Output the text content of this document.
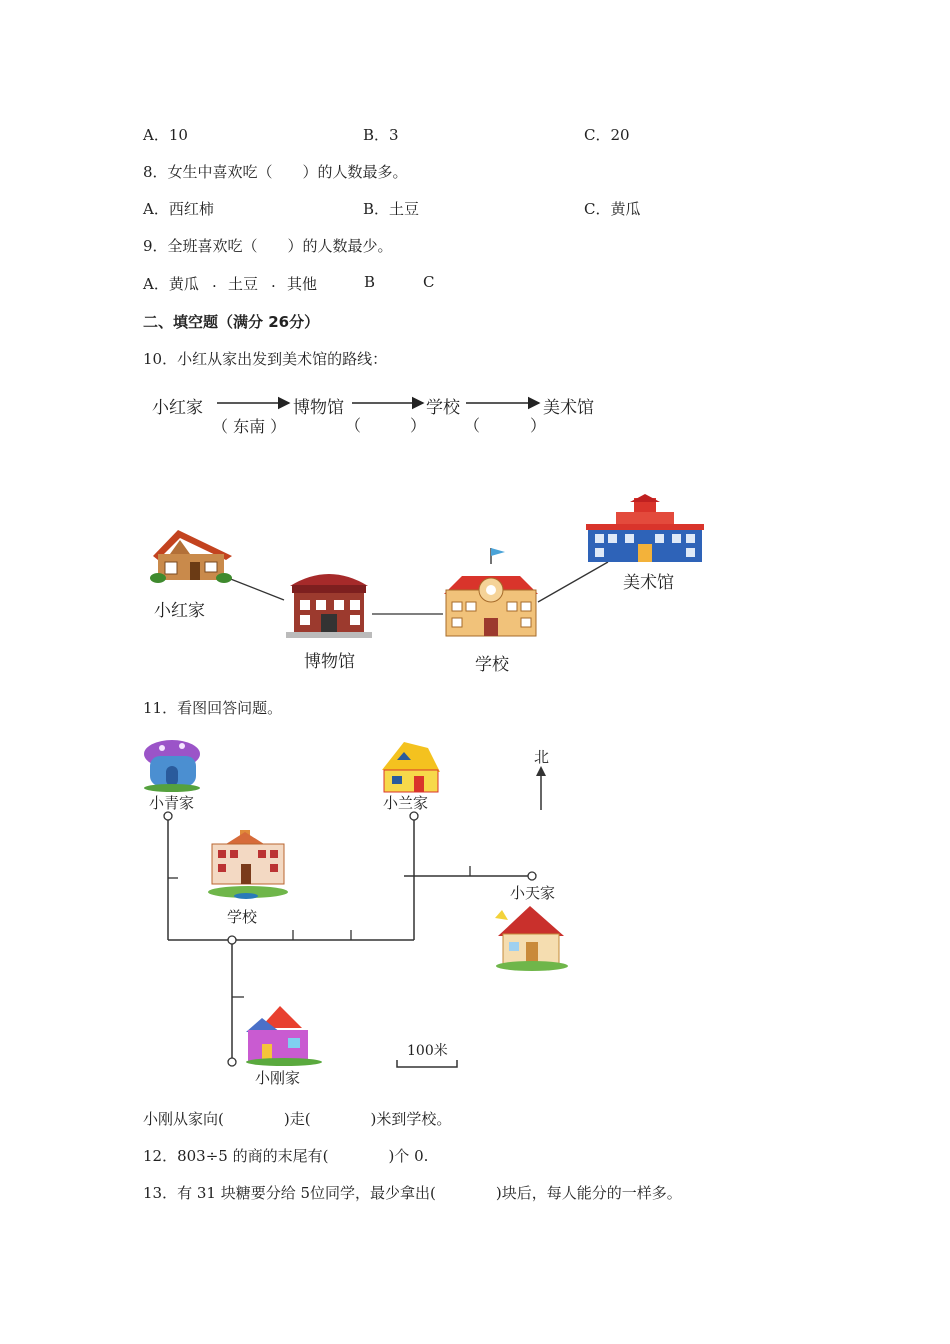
A．10	B．3	C．20
8．女生中喜欢吃（　　）的人数最多。
A．西红柿	B．土豆	C．黄瓜
9．全班喜欢吃（　　）的人数最少。
A．黄瓜 . 土豆 . 其他	B	C
二、填空题（满分 26分）
10．小红从家出发到美术馆的路线：
小红家	博物馆	学校	美术馆
（ 东南 ）	（	） （	）
小红家
博物馆	学校
美术馆
11．看图回答问题。
小青家	小兰家
北
小天家
学校
小刚家
100米
小刚从家向(　　　　)走(　　　　)米到学校。
12．803÷5 的商的末尾有(　　　　)个 0.
13．有 31 块糖要分给 5位同学，最少拿出(　　　　)块后，每人能分的一样多。
